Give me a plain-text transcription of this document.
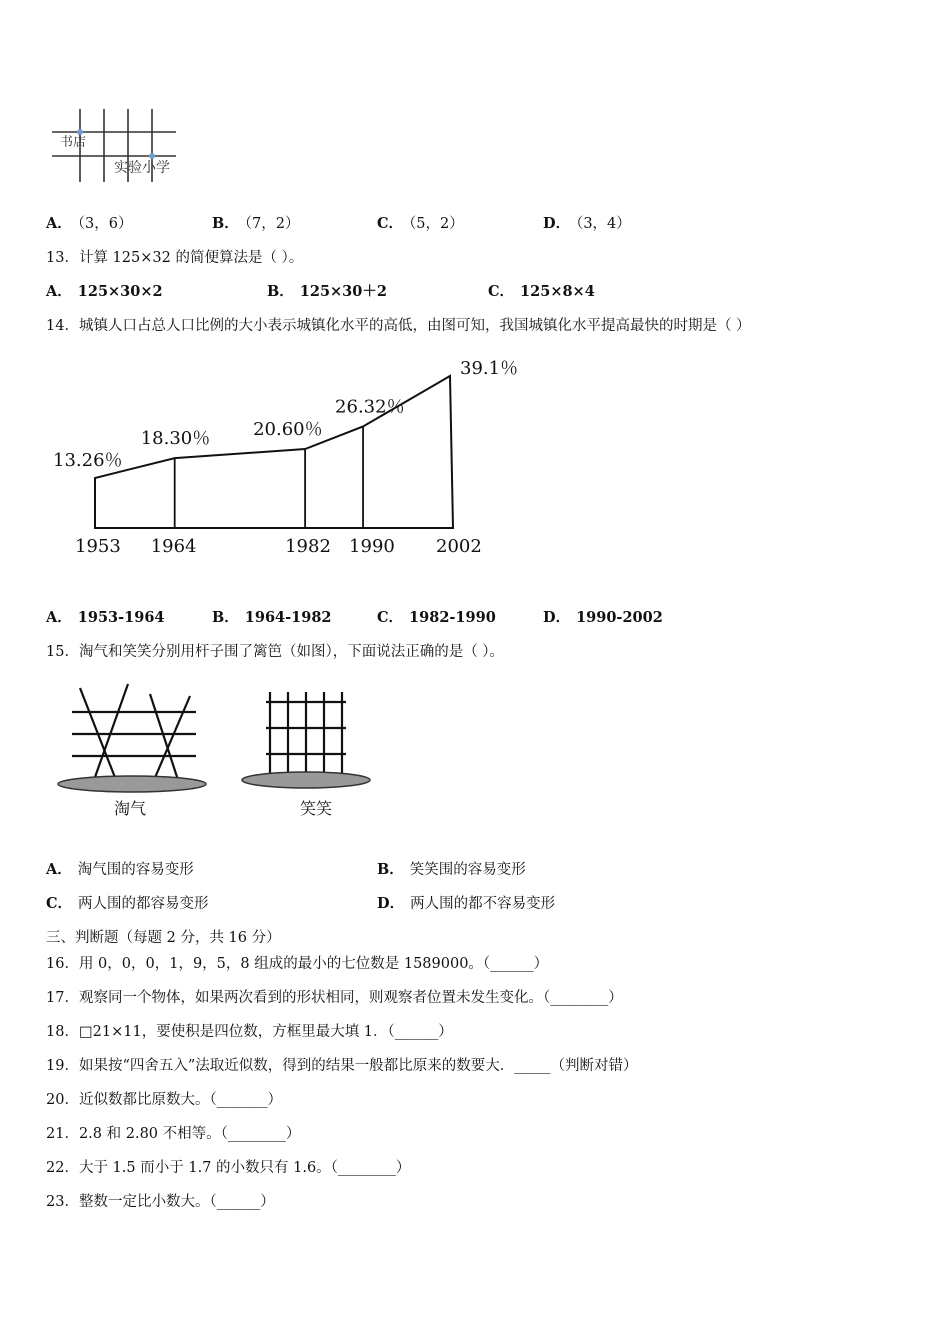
书店
实验小学
A． （3，6）	B． （7，2）	C． （5，2）	D． （3，4）
13．计算 125×32 的简便算法是（ ）。
A． 125×30×2	B． 125×30＋2	C． 125×8×4
14．城镇人口占总人口比例的大小表示城镇化水平的高低，由图可知，我国城镇化水平提高最快的时期是（ ）
13.26％
18.30％ 20.60％
26.32％
39.1％
1953 1964	1982 1990 2002
A． 1953-1964	B． 1964-1982	C． 1982-1990	D． 1990-2002
15．淘气和笑笑分别用杆子围了篱笆（如图），下面说法正确的是（ ）。
淘气	笑笑
A． 淘气围的容易变形	B． 笑笑围的容易变形
C． 两人围的都容易变形	D． 两人围的都不容易变形
三、判断题（每题 2 分，共 16 分）
16．用 0，0，0，1，9，5，8 组成的最小的七位数是 1589000。（______）
17．观察同一个物体，如果两次看到的形状相同，则观察者位置未发生变化。（________）
18．□21×11，要使积是四位数，方框里最大填 1．（______）
19．如果按“四舍五入”法取近似数，得到的结果一般都比原来的数要大．_____（判断对错）
20．近似数都比原数大。（_______）
21．2.8 和 2.80 不相等。（________）
22．大于 1.5 而小于 1.7 的小数只有 1.6。（________）
23．整数一定比小数大。（______）
